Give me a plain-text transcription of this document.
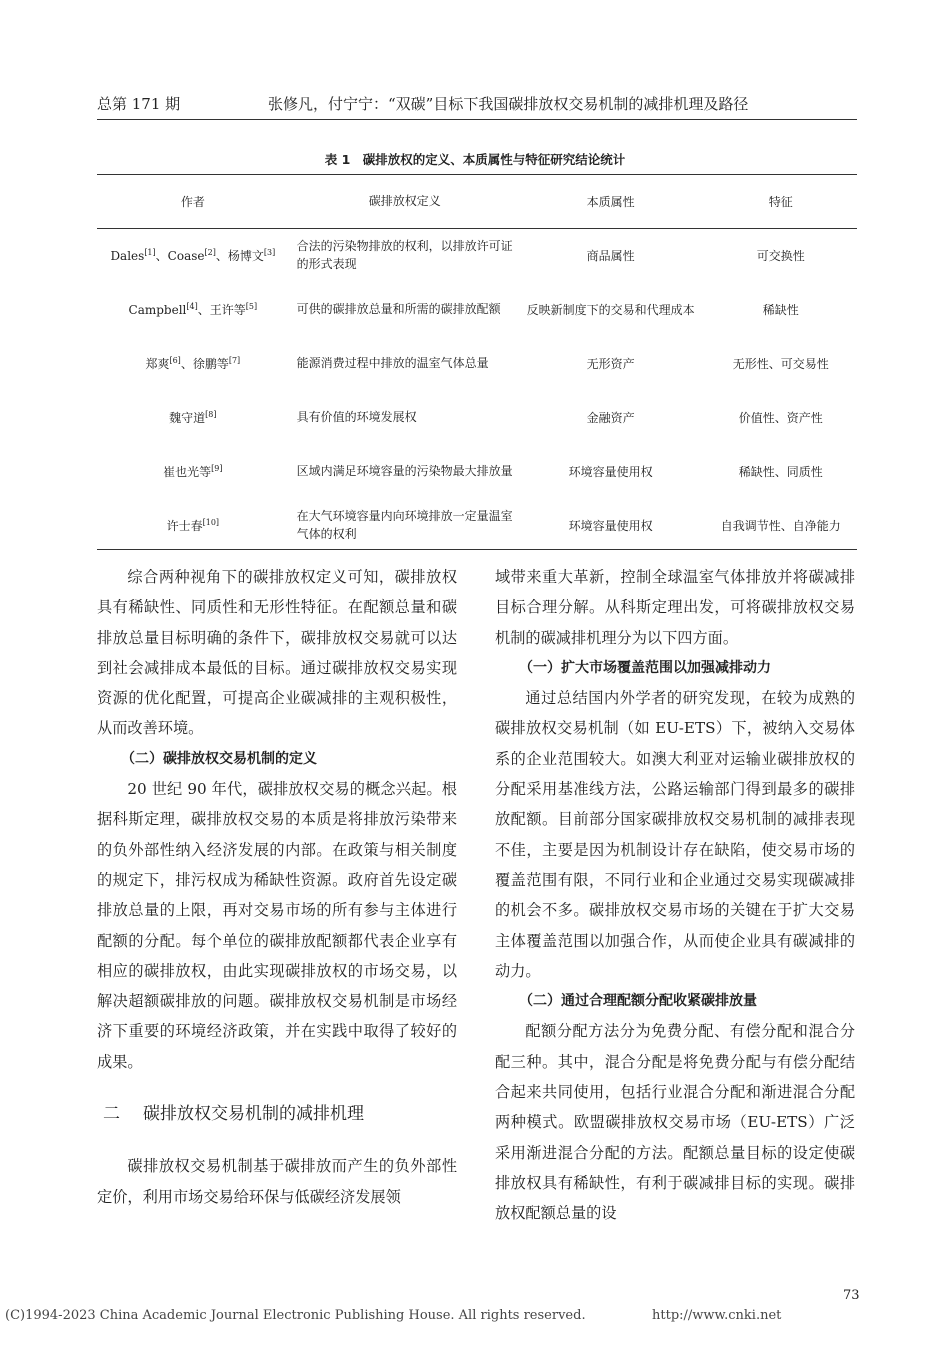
总第 171 期	张修凡，付宁宁：“双碳”目标下我国碳排放权交易机制的减排机理及路径
表 1 碳排放权的定义、本质属性与特征研究结论统计
作者	碳排放权定义	本质属性	特征
Dales[1]、Coase[2]、杨博文[3]	合法的污染物排放的权利，以排放许可证的形式表现	商品属性	可交换性
Campbell[4]、王许等[5]	可供的碳排放总量和所需的碳排放配额	反映新制度下的交易和代理成本	稀缺性
郑爽[6]、徐鹏等[7]	能源消费过程中排放的温室气体总量	无形资产	无形性、可交易性
魏守道[8]	具有价值的环境发展权	金融资产	价值性、资产性
崔也光等[9]	区域内满足环境容量的污染物最大排放量	环境容量使用权	稀缺性、同质性
许士春[10]	在大气环境容量内向环境排放一定量温室气体的权利	环境容量使用权	自我调节性、自净能力

综合两种视角下的碳排放权定义可知，碳排放权具有稀缺性、同质性和无形性特征。在配额总量和碳排放总量目标明确的条件下，碳排放权交易就可以达到社会减排成本最低的目标。通过碳排放权交易实现资源的优化配置，可提高企业碳减排的主观积极性，从而改善环境。

（二）碳排放权交易机制的定义

20 世纪 90 年代，碳排放权交易的概念兴起。根据科斯定理，碳排放权交易的本质是将排放污染带来的负外部性纳入经济发展的内部。在政策与相关制度的规定下，排污权成为稀缺性资源。政府首先设定碳排放总量的上限，再对交易市场的所有参与主体进行配额的分配。每个单位的碳排放配额都代表企业享有相应的碳排放权，由此实现碳排放权的市场交易，以解决超额碳排放的问题。碳排放权交易机制是市场经济下重要的环境经济政策，并在实践中取得了较好的成果。

二 碳排放权交易机制的减排机理

碳排放权交易机制基于碳排放而产生的负外部性定价，利用市场交易给环保与低碳经济发展领

域带来重大革新，控制全球温室气体排放并将碳减排目标合理分解。从科斯定理出发，可将碳排放权交易机制的碳减排机理分为以下四方面。

（一）扩大市场覆盖范围以加强减排动力

通过总结国内外学者的研究发现，在较为成熟的碳排放权交易机制（如 EU-ETS）下，被纳入交易体系的企业范围较大。如澳大利亚对运输业碳排放权的分配采用基准线方法，公路运输部门得到最多的碳排放配额。目前部分国家碳排放权交易机制的减排表现不佳，主要是因为机制设计存在缺陷，使交易市场的覆盖范围有限，不同行业和企业通过交易实现碳减排的机会不多。碳排放权交易市场的关键在于扩大交易主体覆盖范围以加强合作，从而使企业具有碳减排的动力。

（二）通过合理配额分配收紧碳排放量

配额分配方法分为免费分配、有偿分配和混合分配三种。其中，混合分配是将免费分配与有偿分配结合起来共同使用，包括行业混合分配和渐进混合分配两种模式。欧盟碳排放权交易市场（EU-ETS）广泛采用渐进混合分配的方法。配额总量目标的设定使碳排放权具有稀缺性，有利于碳减排目标的实现。碳排放权配额总量的设

73
(C)1994-2023 China Academic Journal Electronic Publishing House. All rights reserved.	http://www.cnki.net
